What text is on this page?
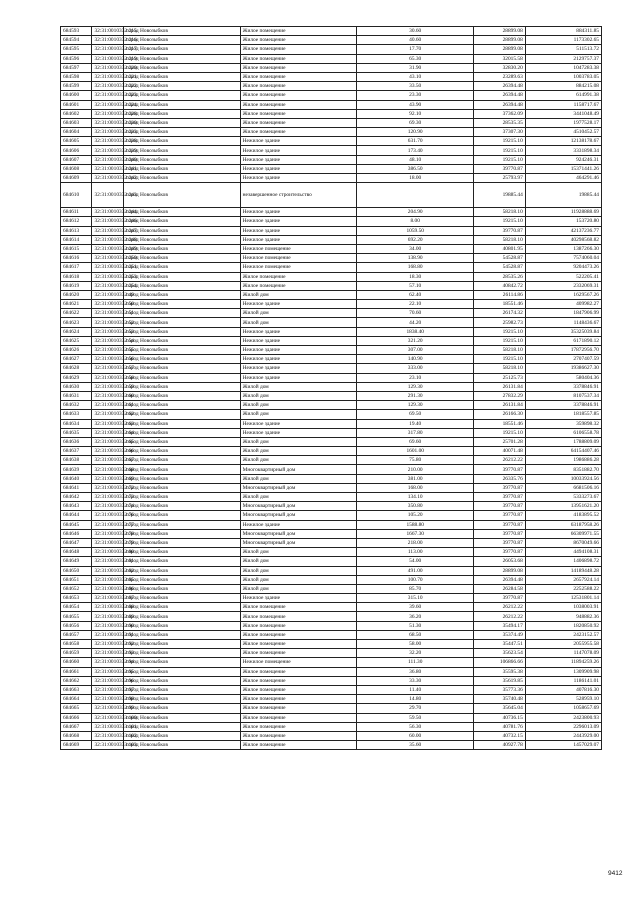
684593	32:31:0010332:215	город Новозыбков	Жилое помещение	30.60	28899.08	884311.85
684594	32:31:0010332:216	город Новозыбков	Жилое помещение	40.60	28899.08	1173302.65
684595	32:31:0010332:217	город Новозыбков	Жилое помещение	17.70	28899.08	511513.72
684596	32:31:0010332:219	город Новозыбков	Жилое помещение	65.30	32015.58	2129757.37
684597	32:31:0010332:220	город Новозыбков	Жилое помещение	31.90	32830.20	1047283.38
684598	32:31:0010332:221	город Новозыбков	Жилое помещение	43.10	23289.63	1003783.05
684599	32:31:0010332:222	город Новозыбков	Жилое помещение	33.50	26394.48	884215.08
684600	32:31:0010332:223	город Новозыбков	Жилое помещение	23.30	26394.48	614991.38
684601	32:31:0010332:224	город Новозыбков	Жилое помещение	43.90	26394.48	1158717.67
684602	32:31:0010332:228	город Новозыбков	Жилое помещение	92.10	37362.09	3441048.49
684603	32:31:0010332:230	город Новозыбков	Жилое помещение	69.30	28535.35	1977528.17
684604	32:31:0010332:233	город Новозыбков	Жилое помещение	120.90	37307.30	4510452.57
684605	32:31:0010332:238	город Новозыбков	Нежилое здание	631.70	19215.10	12138178.67
684606	32:31:0010332:239	город Новозыбков	Нежилое здание	173.40	19215.10	3331898.34
684607	32:31:0010332:240	город Новозыбков	Нежилое здание	48.10	19215.10	924246.31
684608	32:31:0010332:241	город Новозыбков	Нежилое здание	386.50	39770.87	15371441.26
684609	32:31:0010332:242	город Новозыбков	Нежилое здание	18.00	25793.97	464291.46
684610	32:31:0010332:243	город Новозыбков	незавершенное строительство		19885.44	19885.44
684611	32:31:0010332:244	город Новозыбков	Нежилое здание	204.90	58218.10	11928888.69
684612	32:31:0010332:246	город Новозыбков	Нежилое здание	8.00	19215.10	153720.80
684613	32:31:0010332:247	город Новозыбков	Нежилое здание	1059.50	39770.87	42137236.77
684614	32:31:0010332:248	город Новозыбков	Нежилое здание	692.20	58218.10	40298568.82
684615	32:31:0010332:249	город Новозыбков	Нежилое помещение	34.00	40801.95	1387266.30
684616	32:31:0010332:250	город Новозыбков	Нежилое помещение	138.90	54528.87	7574060.04
684617	32:31:0010332:251	город Новозыбков	Нежилое помещение	168.80	54528.87	9204473.26
684618	32:31:0010332:253	город Новозыбков	Жилое помещение	18.30	28535.26	522205.41
684619	32:31:0010332:254	город Новозыбков	Жилое помещение	57.10	40842.72	2332069.31
684620	32:31:0010332:49	город Новозыбков	Жилой дом	62.40	26114.86	1629567.26
684621	32:31:0010332:50	город Новозыбков	Нежилое здание	22.10	18551.46	409982.27
684622	32:31:0010332:51	город Новозыбков	Жилой дом	70.60	26174.32	1847906.99
684623	32:31:0010332:52	город Новозыбков	Жилой дом	44.20	25982.73	1148436.67
684624	32:31:0010332:53	город Новозыбков	Нежилое здание	1838.40	19215.10	35325039.84
684625	32:31:0010332:54	город Новозыбков	Нежилое здание	321.20	19215.10	6171890.12
684626	32:31:0010332:55	город Новозыбков	Нежилое здание	307.00	58218.10	17872956.70
684627	32:31:0010332:56	город Новозыбков	Нежилое здание	140.90	19215.10	2707407.59
684628	32:31:0010332:57	город Новозыбков	Нежилое здание	333.00	58218.10	19386627.30
684629	32:31:0010332:58	город Новозыбков	Нежилое здание	23.10	25125.73	580404.36
684630	32:31:0010332:59	город Новозыбков	Жилой дом	129.30	26131.84	3378846.91
684631	32:31:0010332:60	город Новозыбков	Жилой дом	291.30	27832.29	8107537.34
684632	32:31:0010332:61	город Новозыбков	Жилой дом	129.30	26131.84	3378846.91
684633	32:31:0010332:62	город Новозыбков	Жилой дом	69.50	26166.30	1818557.85
684634	32:31:0010332:63	город Новозыбков	Нежилое здание	19.40	18551.46	359898.32
684635	32:31:0010332:64	город Новозыбков	Нежилое здание	317.80	19215.10	6106558.78
684636	32:31:0010332:65	город Новозыбков	Жилой дом	69.60	25701.28	1788809.09
684637	32:31:0010332:66	город Новозыбков	Жилой дом	1601.00	40071.48	64154407.46
684638	32:31:0010332:67	город Новозыбков	Жилой дом	75.80	26212.22	1986886.28
684639	32:31:0010332:68	город Новозыбков	Многоквартирный дом	210.00	39770.87	8351882.70
684640	32:31:0010332:69	город Новозыбков	Жилой дом	381.00	26335.76	10033924.56
684641	32:31:0010332:72	город Новозыбков	Многоквартирный дом	168.00	39770.87	6681506.16
684642	32:31:0010332:73	город Новозыбков	Жилой дом	134.10	39770.87	5333273.67
684643	32:31:0010332:74	город Новозыбков	Многоквартирный дом	350.80	39770.87	13951621.20
684644	32:31:0010332:76	город Новозыбков	Многоквартирный дом	105.20	39770.87	4183895.52
684645	32:31:0010332:77	город Новозыбков	Нежилое здание	1588.80	39770.87	63187958.26
684646	32:31:0010332:78	город Новозыбков	Многоквартирный дом	1667.30	39770.87	66309971.55
684647	32:31:0010332:79	город Новозыбков	Многоквартирный дом	218.00	39770.87	8670049.66
684648	32:31:0010332:80	город Новозыбков	Жилой дом	113.00	39770.87	4494108.31
684649	32:31:0010332:81	город Новозыбков	Жилой дом	54.00	26053.68	1406898.72
684650	32:31:0010332:82	город Новозыбков	Жилой дом	491.00	28899.08	14189448.28
684651	32:31:0010332:85	город Новозыбков	Жилой дом	100.70	26394.48	2657924.14
684652	32:31:0010332:86	город Новозыбков	Жилой дом	85.70	26284.58	2252588.22
684653	32:31:0010332:87	город Новозыбков	Нежилое здание	315.10	39770.87	12531801.14
684654	32:31:0010332:88	город Новозыбков	Жилое помещение	39.60	26212.22	1038003.91
684655	32:31:0010332:89	город Новозыбков	Жилое помещение	36.20	26212.22	948882.36
684656	32:31:0010332:90	город Новозыбков	Жилое помещение	51.30	35494.17	1820850.92
684657	32:31:0010332:91	город Новозыбков	Жилое помещение	68.50	35374.49	2423152.57
684658	32:31:0010332:92	город Новозыбков	Жилое помещение	58.00	35447.51	2055955.58
684659	32:31:0010332:93	город Новозыбков	Жилое помещение	32.20	35623.54	1147078.09
684660	32:31:0010332:94	город Новозыбков	Нежилое помещение	111.30	106866.66	11894259.26
684661	32:31:0010332:95	город Новозыбков	Жилое помещение	36.80	35595.38	1309909.98
684662	32:31:0010332:96	город Новозыбков	Жилое помещение	33.30	35619.85	1186141.01
684663	32:31:0010332:97	город Новозыбков	Жилое помещение	11.40	35773.36	407816.30
684664	32:31:0010332:98	город Новозыбков	Жилое помещение	14.80	35740.48	528959.10
684665	32:31:0010332:99	город Новозыбков	Жилое помещение	29.70	35645.04	1058657.69
684666	32:31:0010333:100	город Новозыбков	Жилое помещение	59.50	40736.15	2423800.93
684667	32:31:0010333:101	город Новозыбков	Жилое помещение	56.30	40781.76	2296013.09
684668	32:31:0010333:102	город Новозыбков	Жилое помещение	60.00	40732.15	2443929.00
684669	32:31:0010333:103	город Новозыбков	Жилое помещение	35.60	40927.78	1457029.07
9412
